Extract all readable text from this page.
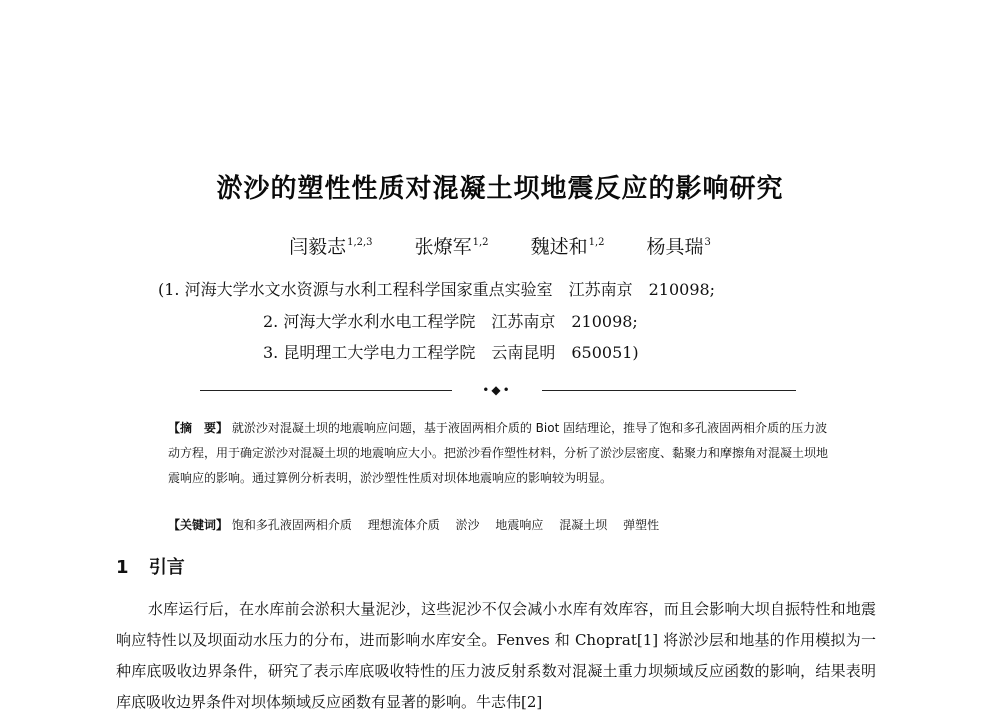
淤沙的塑性性质对混凝土坝地震反应的影响研究
闫毅志$^{1,2,3}$ 张燎军$^{1,2}$ 魏述和$^{1,2}$ 杨具瑞$^3$
(1. 河海大学水文水资源与水利工程科学国家重点实验室　江苏南京　210098;
2. 河海大学水利水电工程学院　江苏南京　210098;
3. 昆明理工大学电力工程学院　云南昆明　650051)
•◆•
【摘　要】 就淤沙对混凝土坝的地震响应问题，基于液固两相介质的 Biot 固结理论，推导了饱和多孔液固两相介质的压力波动方程，用于确定淤沙对混凝土坝的地震响应大小。把淤沙看作塑性材料，分析了淤沙层密度、黏聚力和摩擦角对混凝土坝地震响应的影响。通过算例分析表明，淤沙塑性性质对坝体地震响应的影响较为明显。
【关键词】 饱和多孔液固两相介质 理想流体介质 淤沙 地震响应 混凝土坝 弹塑性
1 引言
水库运行后，在水库前会淤积大量泥沙，这些泥沙不仅会减小水库有效库容，而且会影响大坝自振特性和地震响应特性以及坝面动水压力的分布，进而影响水库安全。Fenves 和 Choprat[1] 将淤沙层和地基的作用模拟为一种库底吸收边界条件，研究了表示库底吸收特性的压力波反射系数对混凝土重力坝频域反应函数的影响，结果表明库底吸收边界条件对坝体频域反应函数有显著的影响。牛志伟[2]
